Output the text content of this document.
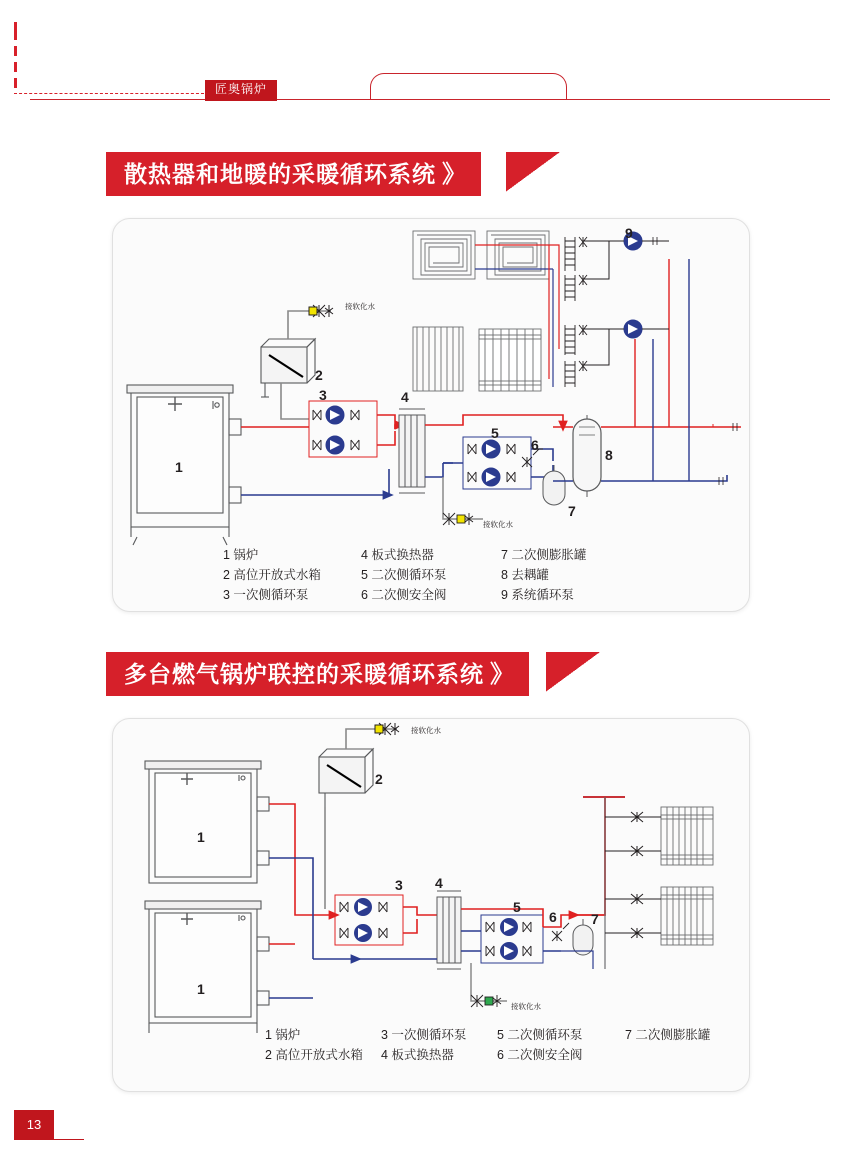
匠奥锅炉
散热器和地暖的采暖循环系统 》
接软化水
接软化水
1
2
3	4
5
6
7
8
9
1 锅炉
2 高位开放式水箱
3 一次侧循环泵
4 板式换热器
5 二次侧循环泵
6 二次侧安全阀
7 二次侧膨胀罐
8 去耦罐
9 系统循环泵
多台燃气锅炉联控的采暖循环系统 》
接软化水
接软化水
1
1
2
3 4
5
6 7
1 锅炉
2 高位开放式水箱
3 一次侧循环泵
4 板式换热器
5 二次侧循环泵
6 二次侧安全阀
7 二次侧膨胀罐
13
